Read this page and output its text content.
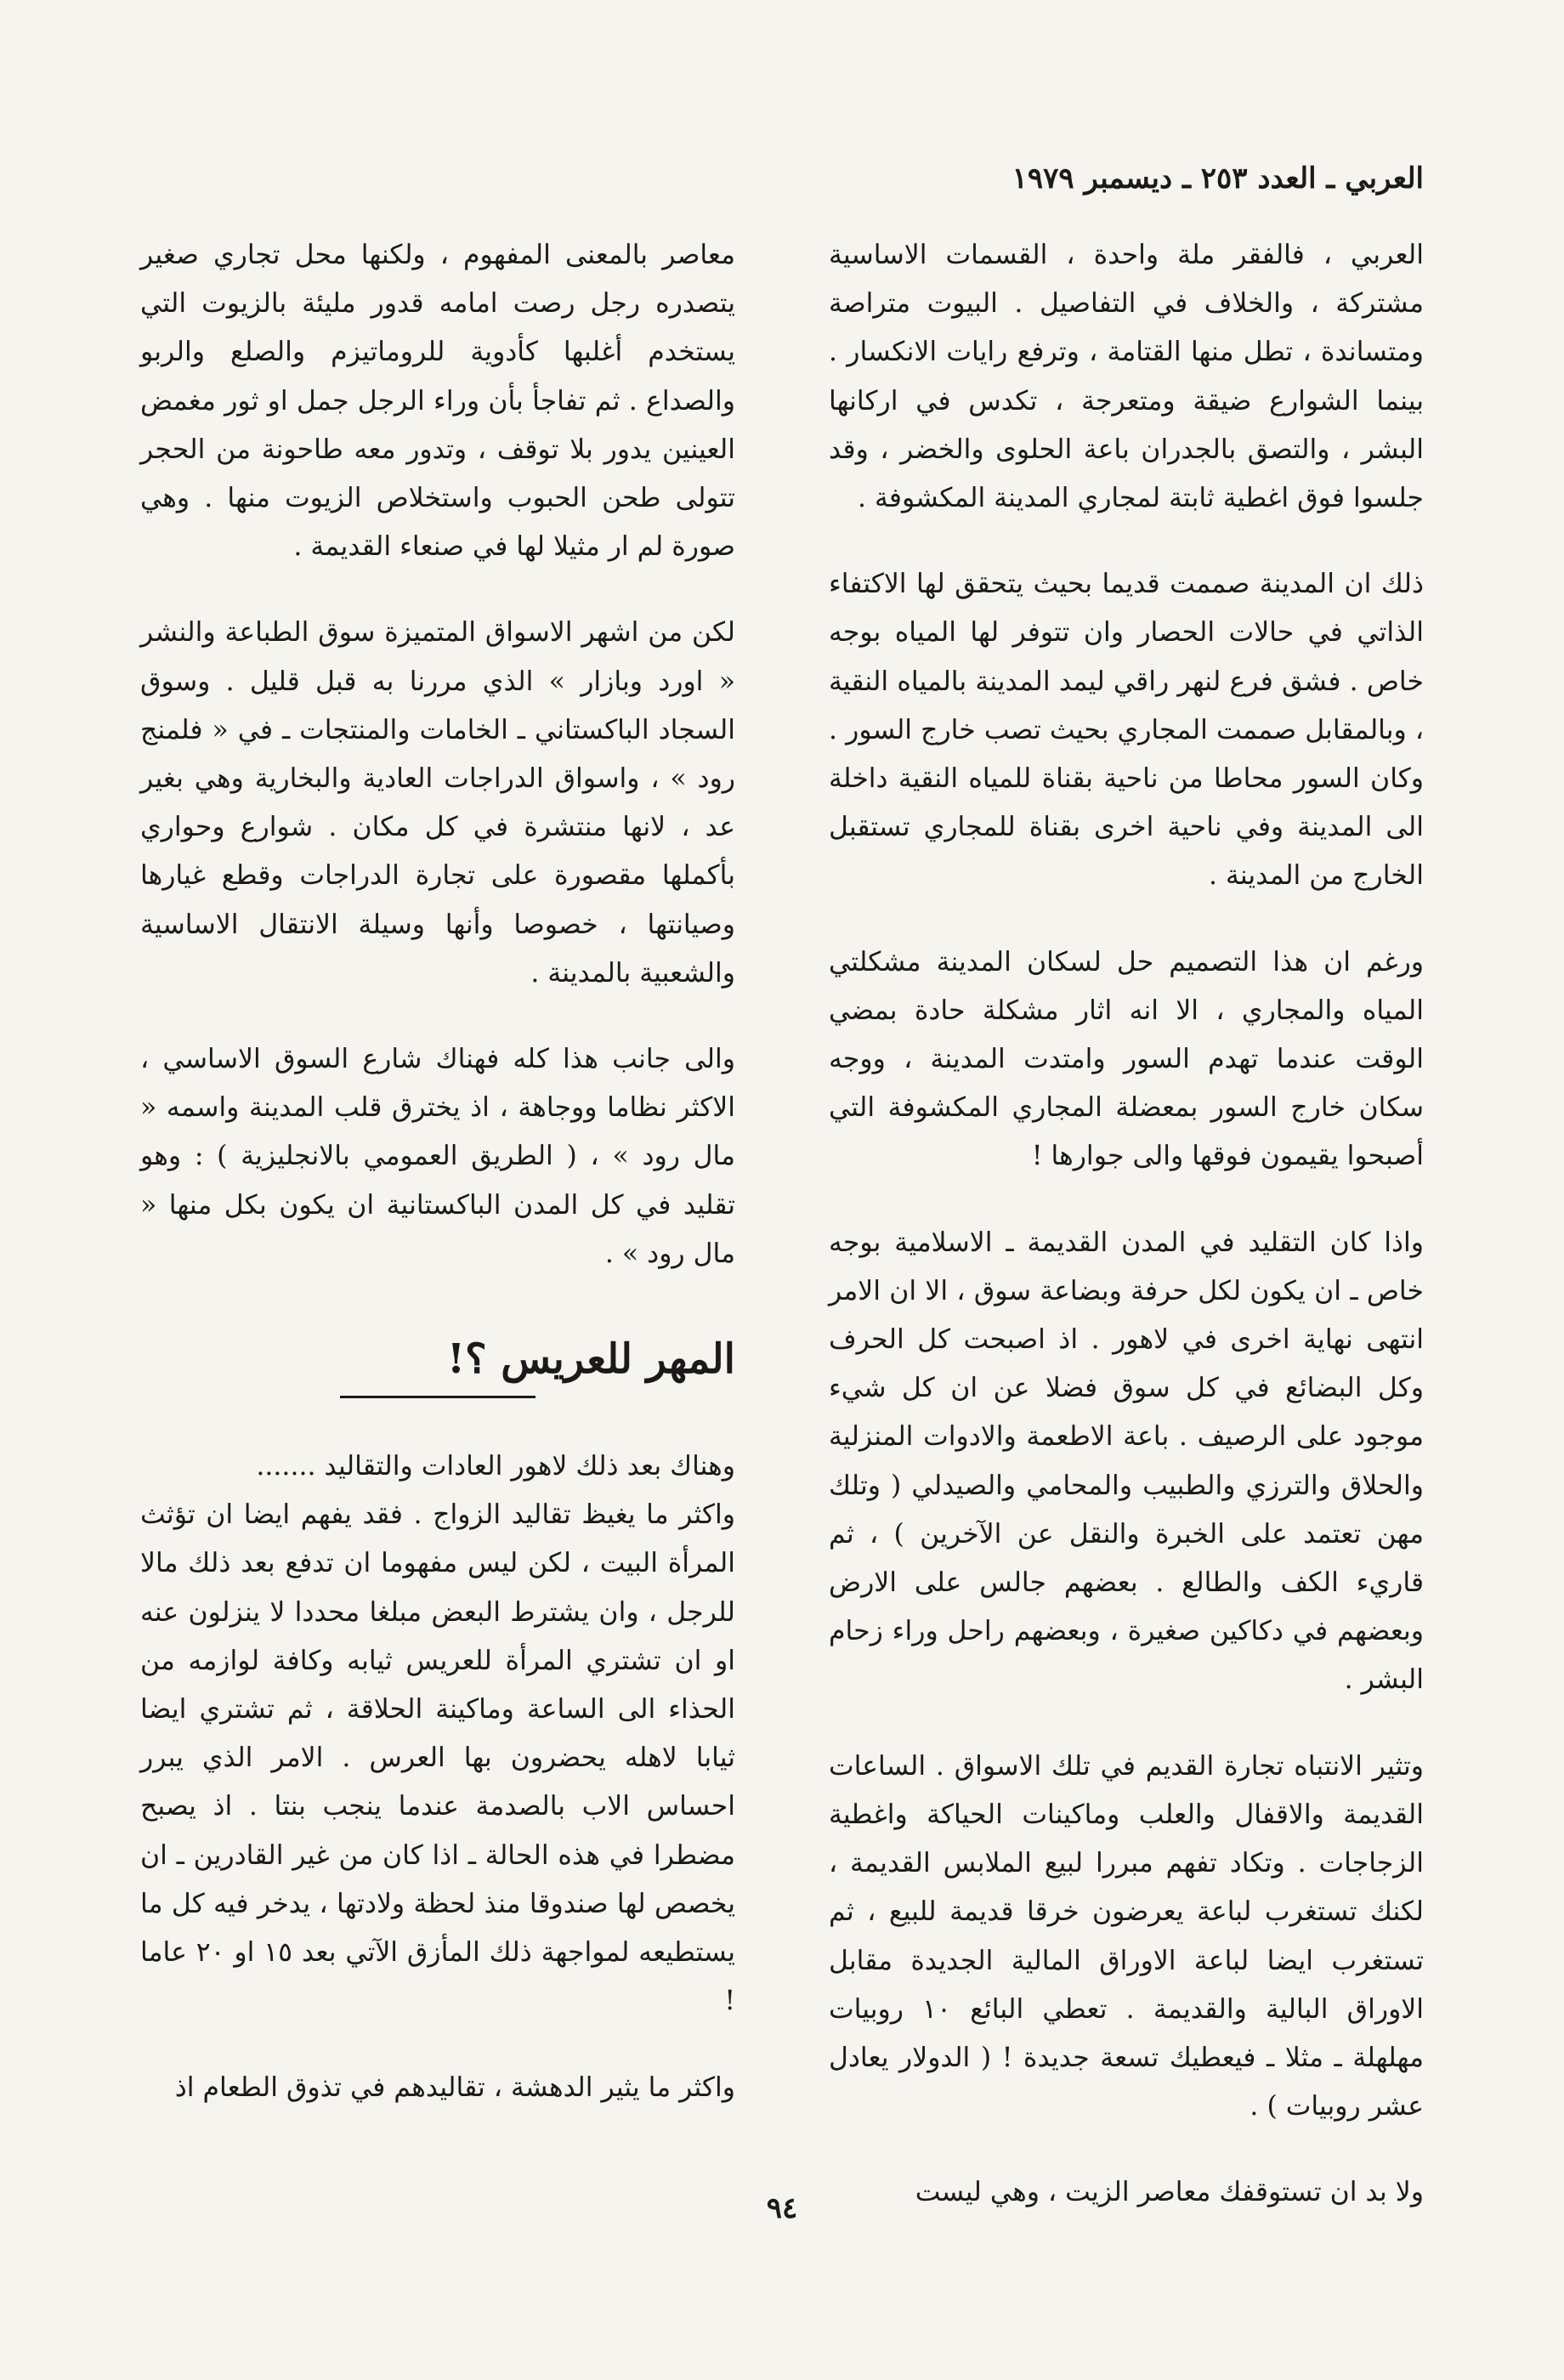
العربي ـ العدد ٢٥٣ ـ ديسمبر ١٩٧٩

العربي ، فالفقر ملة واحدة ، القسمات الاساسية مشتركة ، والخلاف في التفاصيل . البيوت متراصة ومتساندة ، تطل منها القتامة ، وترفع رايات الانكسار . بينما الشوارع ضيقة ومتعرجة ، تكدس في اركانها البشر ، والتصق بالجدران باعة الحلوى والخضر ، وقد جلسوا فوق اغطية ثابتة لمجاري المدينة المكشوفة .

ذلك ان المدينة صممت قديما بحيث يتحقق لها الاكتفاء الذاتي في حالات الحصار وان تتوفر لها المياه بوجه خاص . فشق فرع لنهر راقي ليمد المدينة بالمياه النقية ، وبالمقابل صممت المجاري بحيث تصب خارج السور . وكان السور محاطا من ناحية بقناة للمياه النقية داخلة الى المدينة وفي ناحية اخرى بقناة للمجاري تستقبل الخارج من المدينة .

ورغم ان هذا التصميم حل لسكان المدينة مشكلتي المياه والمجاري ، الا انه اثار مشكلة حادة بمضي الوقت عندما تهدم السور وامتدت المدينة ، ووجه سكان خارج السور بمعضلة المجاري المكشوفة التي أصبحوا يقيمون فوقها والى جوارها !

واذا كان التقليد في المدن القديمة ـ الاسلامية بوجه خاص ـ ان يكون لكل حرفة وبضاعة سوق ، الا ان الامر انتهى نهاية اخرى في لاهور . اذ اصبحت كل الحرف وكل البضائع في كل سوق فضلا عن ان كل شيء موجود على الرصيف . باعة الاطعمة والادوات المنزلية والحلاق والترزي والطبيب والمحامي والصيدلي ( وتلك مهن تعتمد على الخبرة والنقل عن الآخرين ) ، ثم قاريء الكف والطالع . بعضهم جالس على الارض وبعضهم في دكاكين صغيرة ، وبعضهم راحل وراء زحام البشر .

وتثير الانتباه تجارة القديم في تلك الاسواق . الساعات القديمة والاقفال والعلب وماكينات الحياكة واغطية الزجاجات . وتكاد تفهم مبررا لبيع الملابس القديمة ، لكنك تستغرب لباعة يعرضون خرقا قديمة للبيع ، ثم تستغرب ايضا لباعة الاوراق المالية الجديدة مقابل الاوراق البالية والقديمة . تعطي البائع ١٠ روبيات مهلهلة ـ مثلا ـ فيعطيك تسعة جديدة ! ( الدولار يعادل عشر روبيات ) .

ولا بد ان تستوقفك معاصر الزيت ، وهي ليست

معاصر بالمعنى المفهوم ، ولكنها محل تجاري صغير يتصدره رجل رصت امامه قدور مليئة بالزيوت التي يستخدم أغلبها كأدوية للروماتيزم والصلع والربو والصداع . ثم تفاجأ بأن وراء الرجل جمل او ثور مغمض العينين يدور بلا توقف ، وتدور معه طاحونة من الحجر تتولى طحن الحبوب واستخلاص الزيوت منها . وهي صورة لم ار مثيلا لها في صنعاء القديمة .

لكن من اشهر الاسواق المتميزة سوق الطباعة والنشر « اورد وبازار » الذي مررنا به قبل قليل . وسوق السجاد الباكستاني ـ الخامات والمنتجات ـ في « فلمنج رود » ، واسواق الدراجات العادية والبخارية وهي بغير عد ، لانها منتشرة في كل مكان . شوارع وحواري بأكملها مقصورة على تجارة الدراجات وقطع غيارها وصيانتها ، خصوصا وأنها وسيلة الانتقال الاساسية والشعبية بالمدينة .

والى جانب هذا كله فهناك شارع السوق الاساسي ، الاكثر نظاما ووجاهة ، اذ يخترق قلب المدينة واسمه « مال رود » ، ( الطريق العمومي بالانجليزية ) : وهو تقليد في كل المدن الباكستانية ان يكون بكل منها « مال رود » .

المهر للعريس ؟!

وهناك بعد ذلك لاهور العادات والتقاليد .......

واكثر ما يغيظ تقاليد الزواج . فقد يفهم ايضا ان تؤثث المرأة البيت ، لكن ليس مفهوما ان تدفع بعد ذلك مالا للرجل ، وان يشترط البعض مبلغا محددا لا ينزلون عنه او ان تشتري المرأة للعريس ثيابه وكافة لوازمه من الحذاء الى الساعة وماكينة الحلاقة ، ثم تشتري ايضا ثيابا لاهله يحضرون بها العرس . الامر الذي يبرر احساس الاب بالصدمة عندما ينجب بنتا . اذ يصبح مضطرا في هذه الحالة ـ اذا كان من غير القادرين ـ ان يخصص لها صندوقا منذ لحظة ولادتها ، يدخر فيه كل ما يستطيعه لمواجهة ذلك المأزق الآتي بعد ١٥ او ٢٠ عاما !

واكثر ما يثير الدهشة ، تقاليدهم في تذوق الطعام اذ

٩٤
